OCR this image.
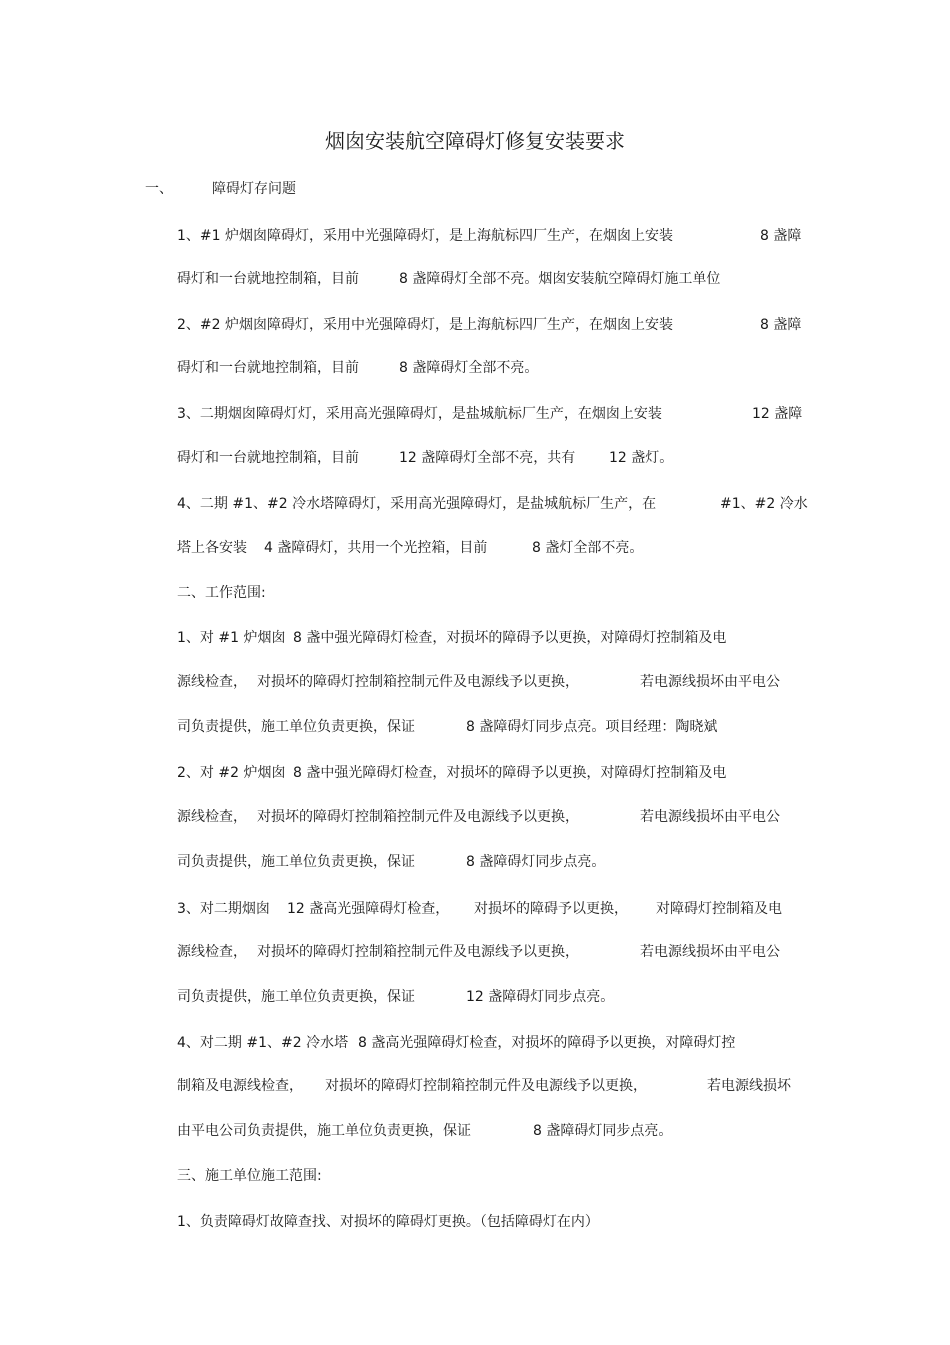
烟囱安装航空障碍灯修复安装要求
一、	障碍灯存问题
1、#1 炉烟囱障碍灯，采用中光强障碍灯，是上海航标四厂生产，在烟囱上安装	8 盏障
碍灯和一台就地控制箱，目前	8 盏障碍灯全部不亮。烟囱安装航空障碍灯施工单位
2、#2 炉烟囱障碍灯，采用中光强障碍灯，是上海航标四厂生产，在烟囱上安装	8 盏障
碍灯和一台就地控制箱，目前	8 盏障碍灯全部不亮。
3、二期烟囱障碍灯灯，采用高光强障碍灯，是盐城航标厂生产，在烟囱上安装	12 盏障
碍灯和一台就地控制箱，目前	12 盏障碍灯全部不亮，共有 12 盏灯。
4、二期 #1、#2 冷水塔障碍灯，采用高光强障碍灯，是盐城航标厂生产，在	#1、#2 冷水
塔上各安装 4 盏障碍灯，共用一个光控箱，目前	8 盏灯全部不亮。
二、工作范围:
1、对 #1 炉烟囱 8 盏中强光障碍灯检查，对损坏的障碍予以更换，对障碍灯控制箱及电
源线检查， 对损坏的障碍灯控制箱控制元件及电源线予以更换，	若电源线损坏由平电公
司负责提供，施工单位负责更换，保证	8 盏障碍灯同步点亮。项目经理：陶晓斌
2、对 #2 炉烟囱 8 盏中强光障碍灯检查，对损坏的障碍予以更换，对障碍灯控制箱及电
源线检查， 对损坏的障碍灯控制箱控制元件及电源线予以更换，	若电源线损坏由平电公
司负责提供，施工单位负责更换，保证	8 盏障碍灯同步点亮。
3、对二期烟囱 12 盏高光强障碍灯检查， 对损坏的障碍予以更换， 对障碍灯控制箱及电
源线检查， 对损坏的障碍灯控制箱控制元件及电源线予以更换，	若电源线损坏由平电公
司负责提供，施工单位负责更换，保证	12 盏障碍灯同步点亮。
4、对二期 #1、#2 冷水塔 8 盏高光强障碍灯检查，对损坏的障碍予以更换，对障碍灯控
制箱及电源线检查， 对损坏的障碍灯控制箱控制元件及电源线予以更换，	若电源线损坏
由平电公司负责提供，施工单位负责更换，保证	8 盏障碍灯同步点亮。
三、施工单位施工范围:
1、负责障碍灯故障查找、对损坏的障碍灯更换。（包括障碍灯在内）
